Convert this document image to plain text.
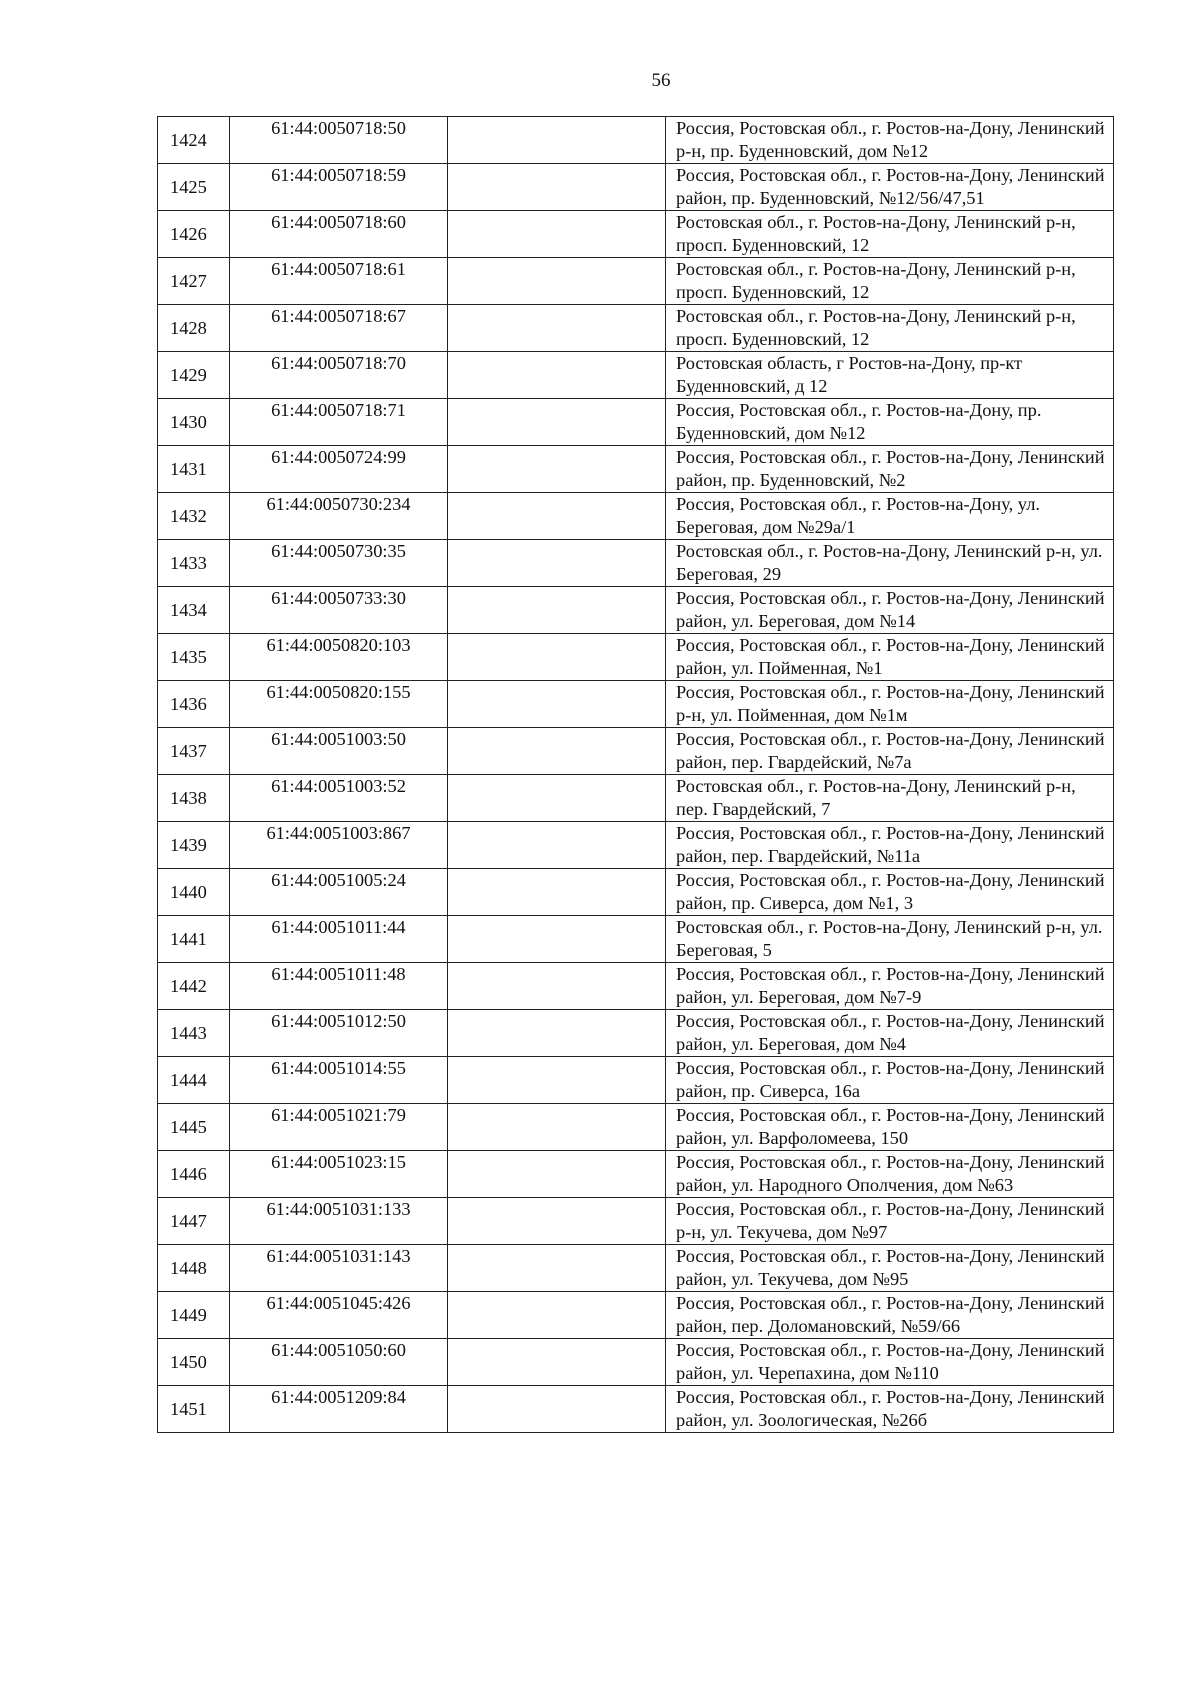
56
1424	61:44:0050718:50		Россия, Ростовская обл., г. Ростов-на-Дону, Ленинский р-н, пр. Буденновский, дом №12
1425	61:44:0050718:59		Россия, Ростовская обл., г. Ростов-на-Дону, Ленинский район, пр. Буденновский, №12/56/47,51
1426	61:44:0050718:60		Ростовская обл., г. Ростов-на-Дону, Ленинский р-н, просп. Буденновский, 12
1427	61:44:0050718:61		Ростовская обл., г. Ростов-на-Дону, Ленинский р-н, просп. Буденновский, 12
1428	61:44:0050718:67		Ростовская обл., г. Ростов-на-Дону, Ленинский р-н, просп. Буденновский, 12
1429	61:44:0050718:70		Ростовская область, г Ростов-на-Дону, пр-кт Буденновский, д 12
1430	61:44:0050718:71		Россия, Ростовская обл., г. Ростов-на-Дону, пр. Буденновский, дом №12
1431	61:44:0050724:99		Россия, Ростовская обл., г. Ростов-на-Дону, Ленинский район, пр. Буденновский, №2
1432	61:44:0050730:234		Россия, Ростовская обл., г. Ростов-на-Дону, ул. Береговая, дом №29а/1
1433	61:44:0050730:35		Ростовская обл., г. Ростов-на-Дону, Ленинский р-н, ул. Береговая, 29
1434	61:44:0050733:30		Россия, Ростовская обл., г. Ростов-на-Дону, Ленинский район, ул. Береговая, дом №14
1435	61:44:0050820:103		Россия, Ростовская обл., г. Ростов-на-Дону, Ленинский район, ул. Пойменная, №1
1436	61:44:0050820:155		Россия, Ростовская обл., г. Ростов-на-Дону, Ленинский р-н, ул. Пойменная, дом №1м
1437	61:44:0051003:50		Россия, Ростовская обл., г. Ростов-на-Дону, Ленинский район, пер. Гвардейский, №7а
1438	61:44:0051003:52		Ростовская обл., г. Ростов-на-Дону, Ленинский р-н, пер. Гвардейский, 7
1439	61:44:0051003:867		Россия, Ростовская обл., г. Ростов-на-Дону, Ленинский район, пер. Гвардейский, №11а
1440	61:44:0051005:24		Россия, Ростовская обл., г. Ростов-на-Дону, Ленинский район, пр. Сиверса, дом №1, 3
1441	61:44:0051011:44		Ростовская обл., г. Ростов-на-Дону, Ленинский р-н, ул. Береговая, 5
1442	61:44:0051011:48		Россия, Ростовская обл., г. Ростов-на-Дону, Ленинский район, ул. Береговая, дом №7-9
1443	61:44:0051012:50		Россия, Ростовская обл., г. Ростов-на-Дону, Ленинский район, ул. Береговая, дом №4
1444	61:44:0051014:55		Россия, Ростовская обл., г. Ростов-на-Дону, Ленинский район, пр. Сиверса, 16а
1445	61:44:0051021:79		Россия, Ростовская обл., г. Ростов-на-Дону, Ленинский район, ул. Варфоломеева, 150
1446	61:44:0051023:15		Россия, Ростовская обл., г. Ростов-на-Дону, Ленинский район, ул. Народного Ополчения, дом №63
1447	61:44:0051031:133		Россия, Ростовская обл., г. Ростов-на-Дону, Ленинский р-н, ул. Текучева, дом №97
1448	61:44:0051031:143		Россия, Ростовская обл., г. Ростов-на-Дону, Ленинский район, ул. Текучева, дом №95
1449	61:44:0051045:426		Россия, Ростовская обл., г. Ростов-на-Дону, Ленинский район, пер. Доломановский, №59/66
1450	61:44:0051050:60		Россия, Ростовская обл., г. Ростов-на-Дону, Ленинский район, ул. Черепахина, дом №110
1451	61:44:0051209:84		Россия, Ростовская обл., г. Ростов-на-Дону, Ленинский район, ул. Зоологическая, №26б
